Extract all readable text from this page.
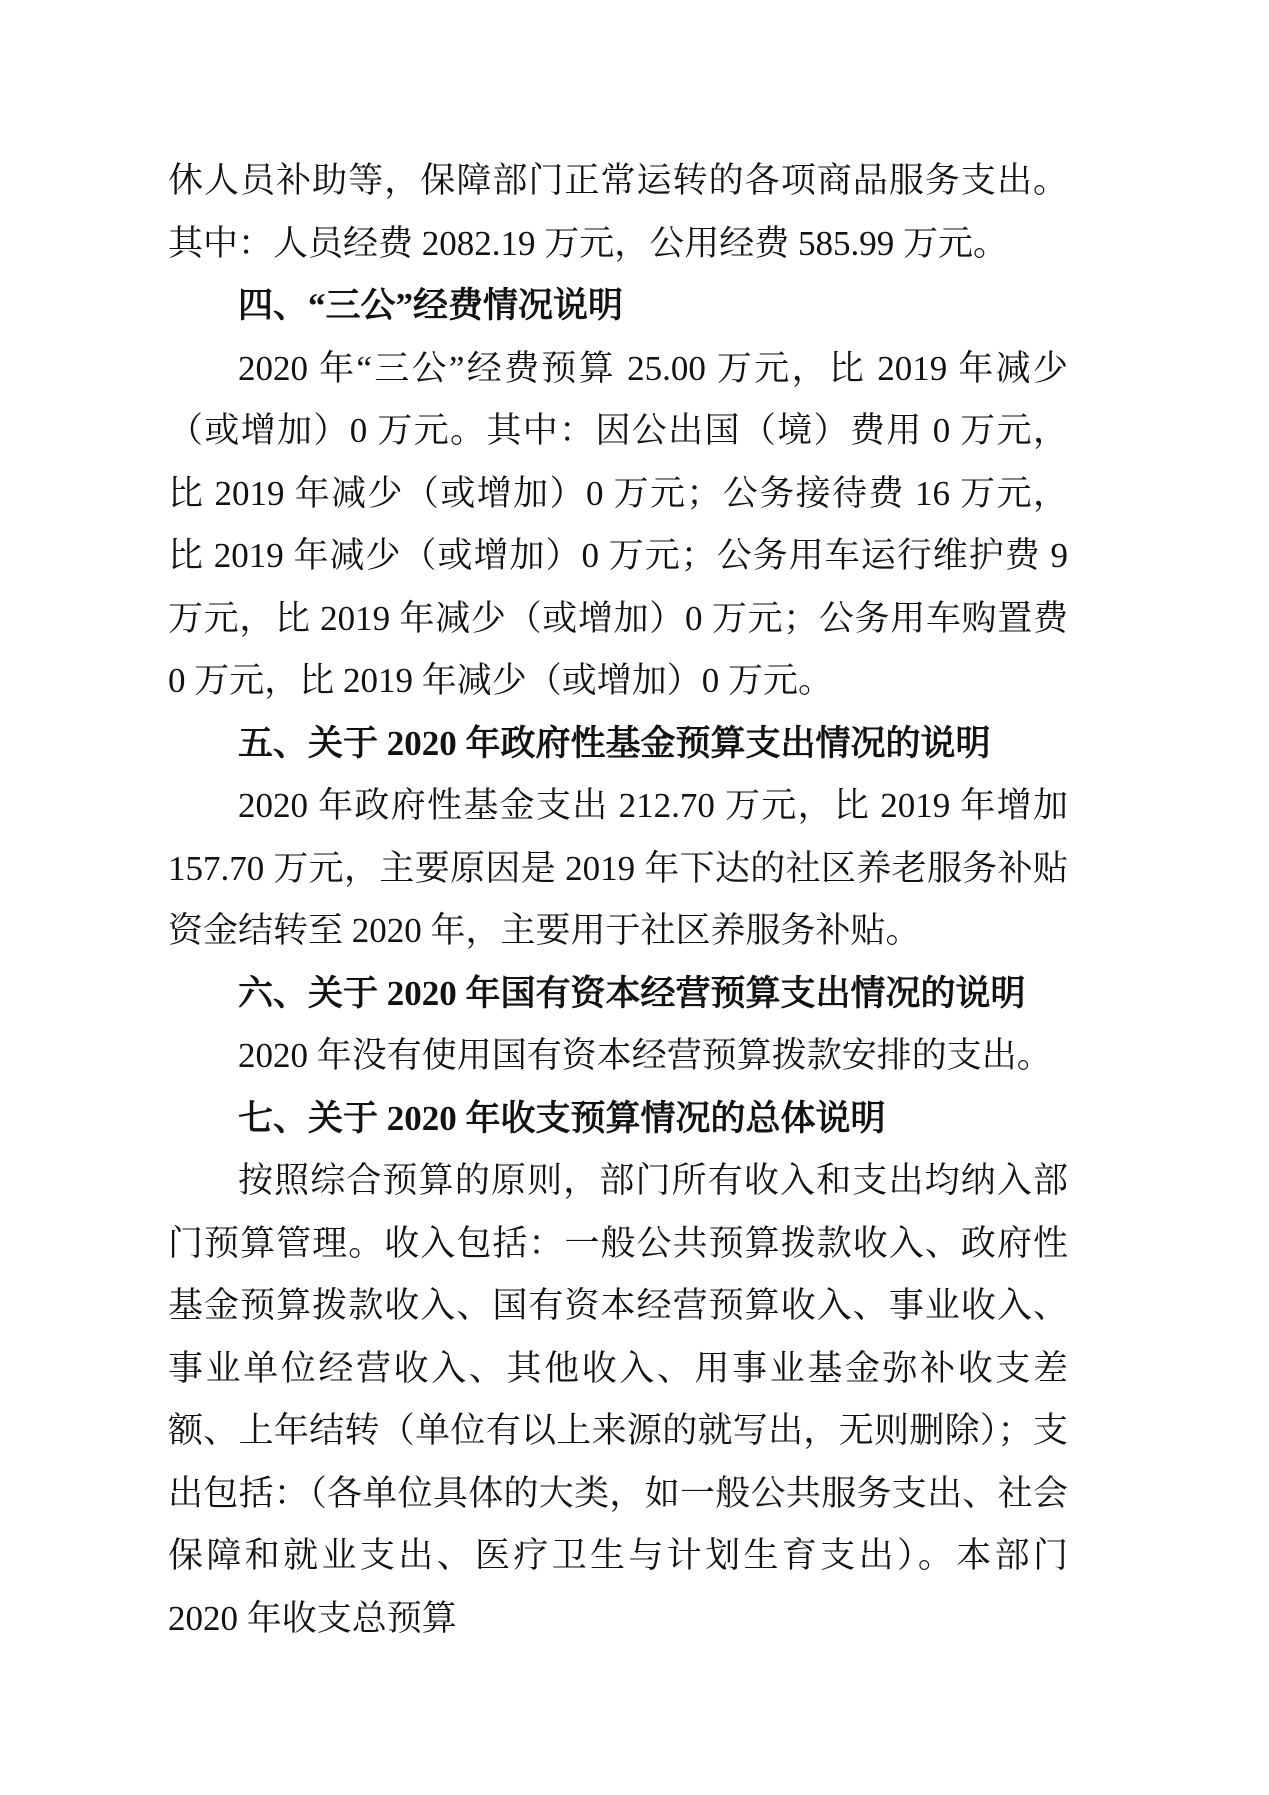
休人员补助等，保障部门正常运转的各项商品服务支出。其中：人员经费 2082.19 万元，公用经费 585.99 万元。

四、“三公”经费情况说明

2020 年“三公”经费预算 25.00 万元，比 2019 年减少（或增加）0 万元。其中：因公出国（境）费用 0 万元，比 2019 年减少（或增加）0 万元；公务接待费 16 万元，比 2019 年减少（或增加）0 万元；公务用车运行维护费 9 万元，比 2019 年减少（或增加）0 万元；公务用车购置费 0 万元，比 2019 年减少（或增加）0 万元。

五、关于 2020 年政府性基金预算支出情况的说明

2020 年政府性基金支出 212.70 万元，比 2019 年增加 157.70 万元，主要原因是 2019 年下达的社区养老服务补贴资金结转至 2020 年，主要用于社区养服务补贴。

六、关于 2020 年国有资本经营预算支出情况的说明

2020 年没有使用国有资本经营预算拨款安排的支出。

七、关于 2020 年收支预算情况的总体说明

按照综合预算的原则，部门所有收入和支出均纳入部门预算管理。收入包括：一般公共预算拨款收入、政府性基金预算拨款收入、国有资本经营预算收入、事业收入、事业单位经营收入、其他收入、用事业基金弥补收支差额、上年结转（单位有以上来源的就写出，无则删除）；支出包括：（各单位具体的大类，如一般公共服务支出、社会保障和就业支出、医疗卫生与计划生育支出）。本部门 2020 年收支总预算
